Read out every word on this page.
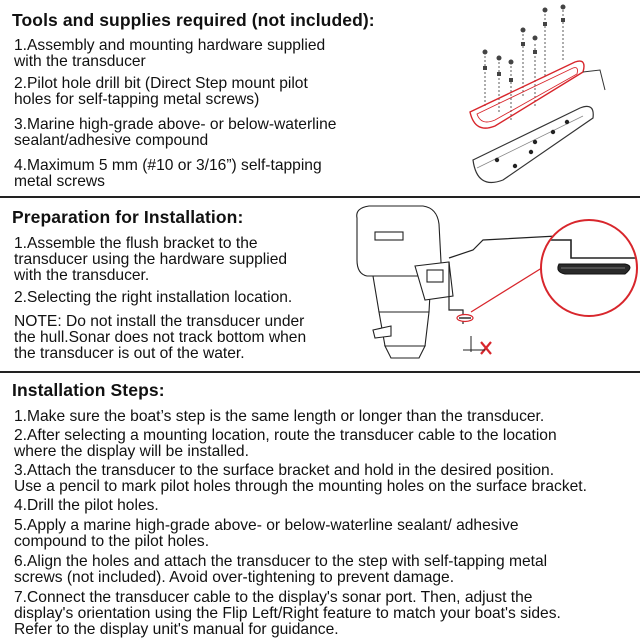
Tools and supplies required (not included):
1.Assembly and mounting hardware supplied
with the transducer
2.Pilot hole drill bit (Direct Step mount pilot
holes for self-tapping metal screws)
3.Marine high-grade above- or below-waterline
sealant/adhesive compound
4.Maximum 5 mm (#10 or 3/16”) self-tapping
metal screws
Preparation for Installation:
1.Assemble the flush bracket to the
transducer using the hardware supplied
with the transducer.
2.Selecting the right installation location.
NOTE: Do not install the transducer under
the hull.Sonar does not track bottom when
the transducer is out of the water.
Installation Steps:
1.Make sure the boat’s step is the same length or longer than the transducer.
2.After selecting a mounting location, route the transducer cable to the location
where the display will be installed.
3.Attach the transducer to the surface bracket and hold in the desired position.
Use a pencil to mark pilot holes through the mounting holes on the surface bracket.
4.Drill the pilot holes.
5.Apply a marine high-grade above- or below-waterline sealant/ adhesive
compound to the pilot holes.
6.Align the holes and attach the transducer to the step with self-tapping metal
screws (not included). Avoid over-tightening to prevent damage.
7.Connect the transducer cable to the display's sonar port. Then, adjust the
display's orientation using the Flip Left/Right feature to match your boat's sides.
Refer to the display unit's manual for guidance.
